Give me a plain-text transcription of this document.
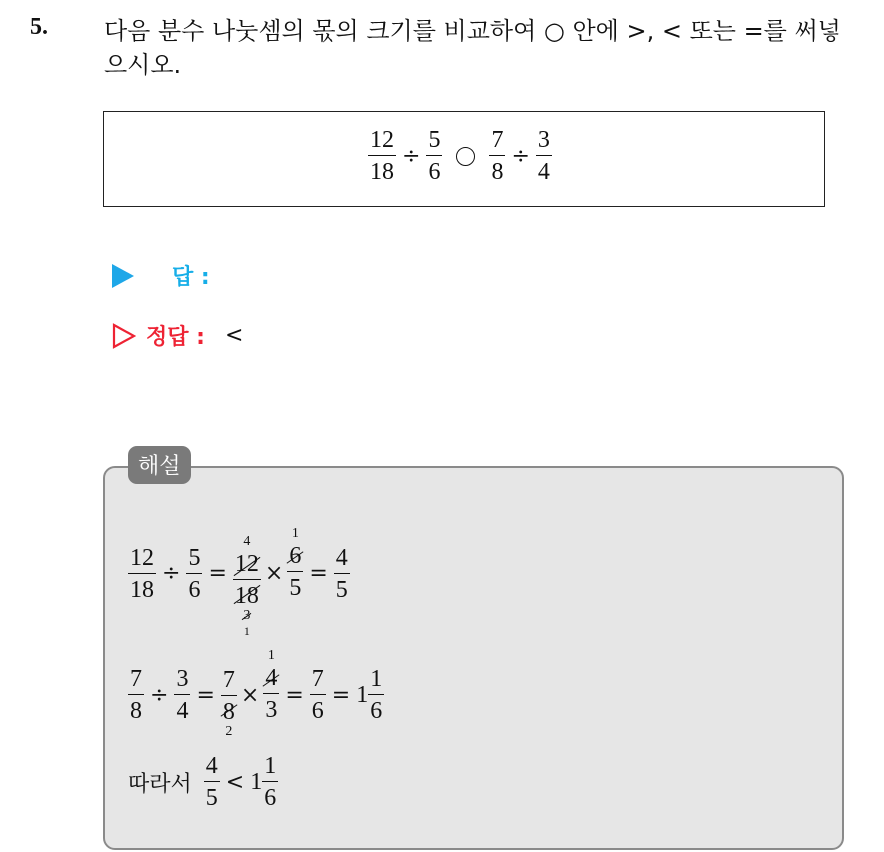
5. 다음 분수 나눗셈의 몫의 크기를 비교하여 ○ 안에 >, < 또는 =를 써넣으시오.
$\frac{12}{18} \div \frac{5}{6} \frac{7}{8} \div \frac{3}{4}$
답 :
정답 : <
해설
$\frac{12}{18} \div \frac{5}{6}$ =
4
$\frac{12}{18}$
3
1
×
1
$\frac{6}{5} = \frac{4}{5}$
$\frac{7}{8} \div \frac{3}{4} = \frac{7}{8}$
2
×
1
$\frac{4}{3} = \frac{7}{6} = 1 \frac{1}{6}$
따라서 $\frac{4}{5} < 1 \frac{1}{6}$
